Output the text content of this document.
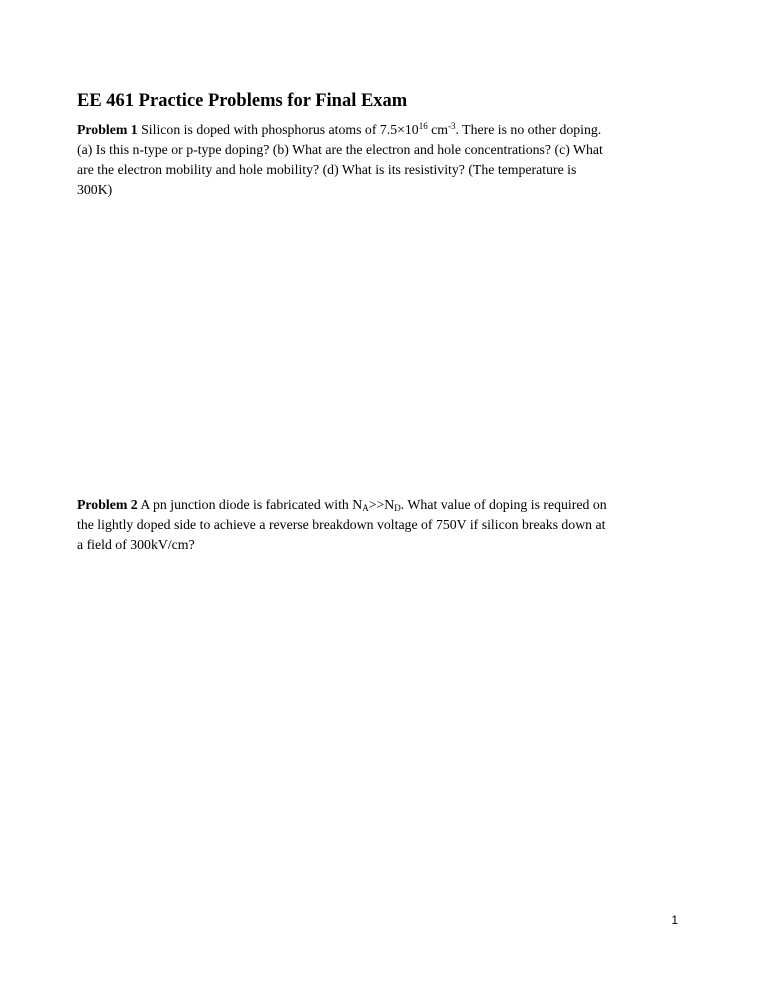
EE 461 Practice Problems for Final Exam

Problem 1 Silicon is doped with phosphorus atoms of $7.5\times 10^{16}$ $cm^{-3}$. There is no other doping.

(a) Is this n-type or p-type doping? (b) What are the electron and hole concentrations? (c) What

are the electron mobility and hole mobility? (d) What is its resistivity? (The temperature is

300K)

Problem 2 A pn junction diode is fabricated with $N_A>>N_D$. What value of doping is required on

the lightly doped side to achieve a reverse breakdown voltage of 750V if silicon breaks down at

a field of 300kV/cm?

1
